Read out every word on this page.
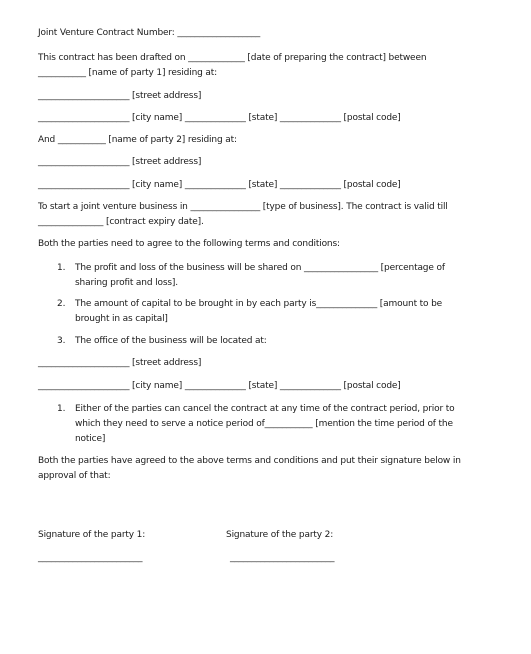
Joint Venture Contract Number: ___________________
This contract has been drafted on _____________ [date of preparing the contract] between
___________ [name of party 1] residing at:
_____________________ [street address]
_____________________ [city name] ______________ [state] ______________ [postal code]
And ___________ [name of party 2] residing at:
_____________________ [street address]
_____________________ [city name] ______________ [state] ______________ [postal code]
To start a joint venture business in ________________ [type of business]. The contract is valid till
_______________ [contract expiry date].
Both the parties need to agree to the following terms and conditions:
1. The profit and loss of the business will be shared on _________________ [percentage of
sharing profit and loss].
2. The amount of capital to be brought in by each party is______________ [amount to be
brought in as capital]
3. The office of the business will be located at:
_____________________ [street address]
_____________________ [city name] ______________ [state] ______________ [postal code]
1. Either of the parties can cancel the contract at any time of the contract period, prior to
which they need to serve a notice period of___________ [mention the time period of the
notice]
Both the parties have agreed to the above terms and conditions and put their signature below in
approval of that:
Signature of the party 1:	Signature of the party 2:
________________________	________________________
